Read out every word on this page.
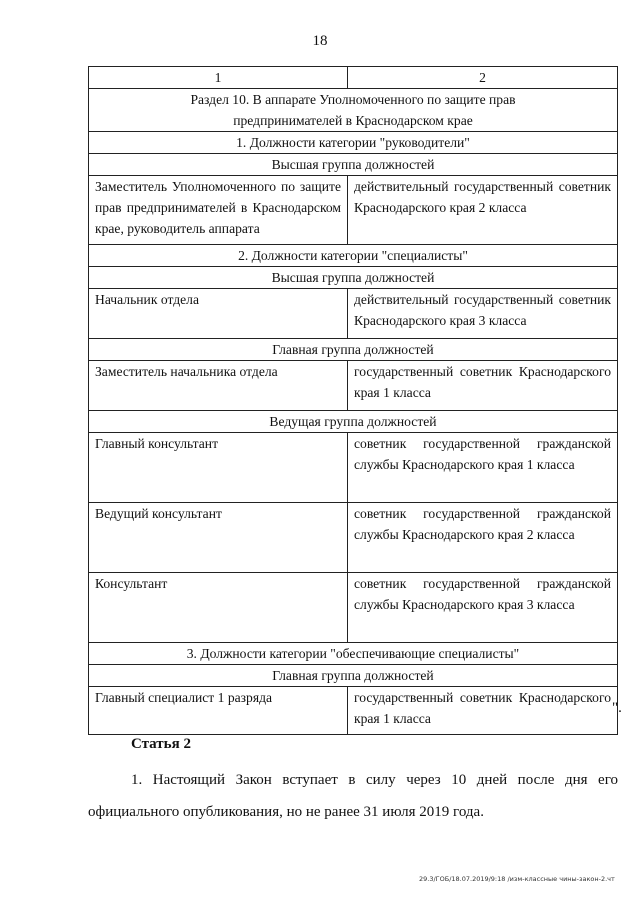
18
1	2

Раздел 10. В аппарате Уполномоченного по защите прав
предпринимателей в Краснодарском крае	

1. Должности категории "руководители"	
Высшая группа должностей	
Заместитель Уполномоченного по защите прав предпринимателей в Краснодарском крае, руководитель аппарата	действительный государственный советник Краснодарского края 2 класса
2. Должности категории "специалисты"	
Высшая группа должностей	
Начальник отдела	действительный государственный советник Краснодарского края 3 класса
Главная группа должностей	
Заместитель начальника отдела	государственный советник Краснодарского края 1 класса
Ведущая группа должностей	
Главный консультант	советник государственной гражданской службы Краснодарского края 1 класса
Ведущий консультант	советник государственной гражданской службы Краснодарского края 2 класса
Консультант	советник государственной гражданской службы Краснодарского края 3 класса
3. Должности категории "обеспечивающие специалисты"	
Главная группа должностей	
Главный специалист 1 разряда	государственный советник Краснодарского края 1 класса
".
Статья 2

1. Настоящий Закон вступает в силу через 10 дней после дня его официального опубликования, но не ранее 31 июля 2019 года.

29.3/ГОБ/18.07.2019/9:18 /изм-классные чины-закон-2.чт
